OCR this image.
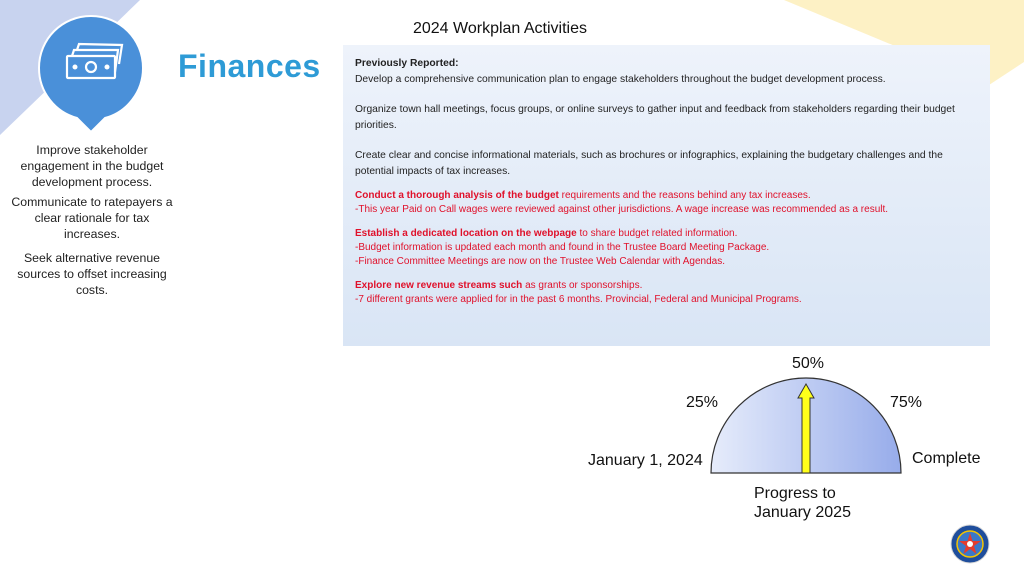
2024 Workplan Activities
Finances
Improve stakeholder engagement in the budget development process.
Communicate to ratepayers a clear rationale for tax increases.
Seek alternative revenue sources to offset increasing costs.

Previously Reported:

Develop a comprehensive communication plan to engage stakeholders throughout the budget development process.

Organize town hall meetings, focus groups, or online surveys to gather input and feedback from stakeholders regarding their budget priorities.

Create clear and concise informational materials, such as brochures or infographics, explaining the budgetary challenges and the potential impacts of tax increases.

Conduct a thorough analysis of the budget requirements and the reasons behind any tax increases.
-This year Paid on Call wages were reviewed against other jurisdictions. A wage increase was recommended as a result.
Establish a dedicated location on the webpage to share budget related information.
-Budget information is updated each month and found in the Trustee Board Meeting Package.
-Finance Committee Meetings are now on the Trustee Web Calendar with Agendas.
Explore new revenue streams such as grants or sponsorships.
-7 different grants were applied for in the past 6 months. Provincial, Federal and Municipal Programs.
50%
25%	75%
January 1, 2024	Complete
Progress to
January 2025
